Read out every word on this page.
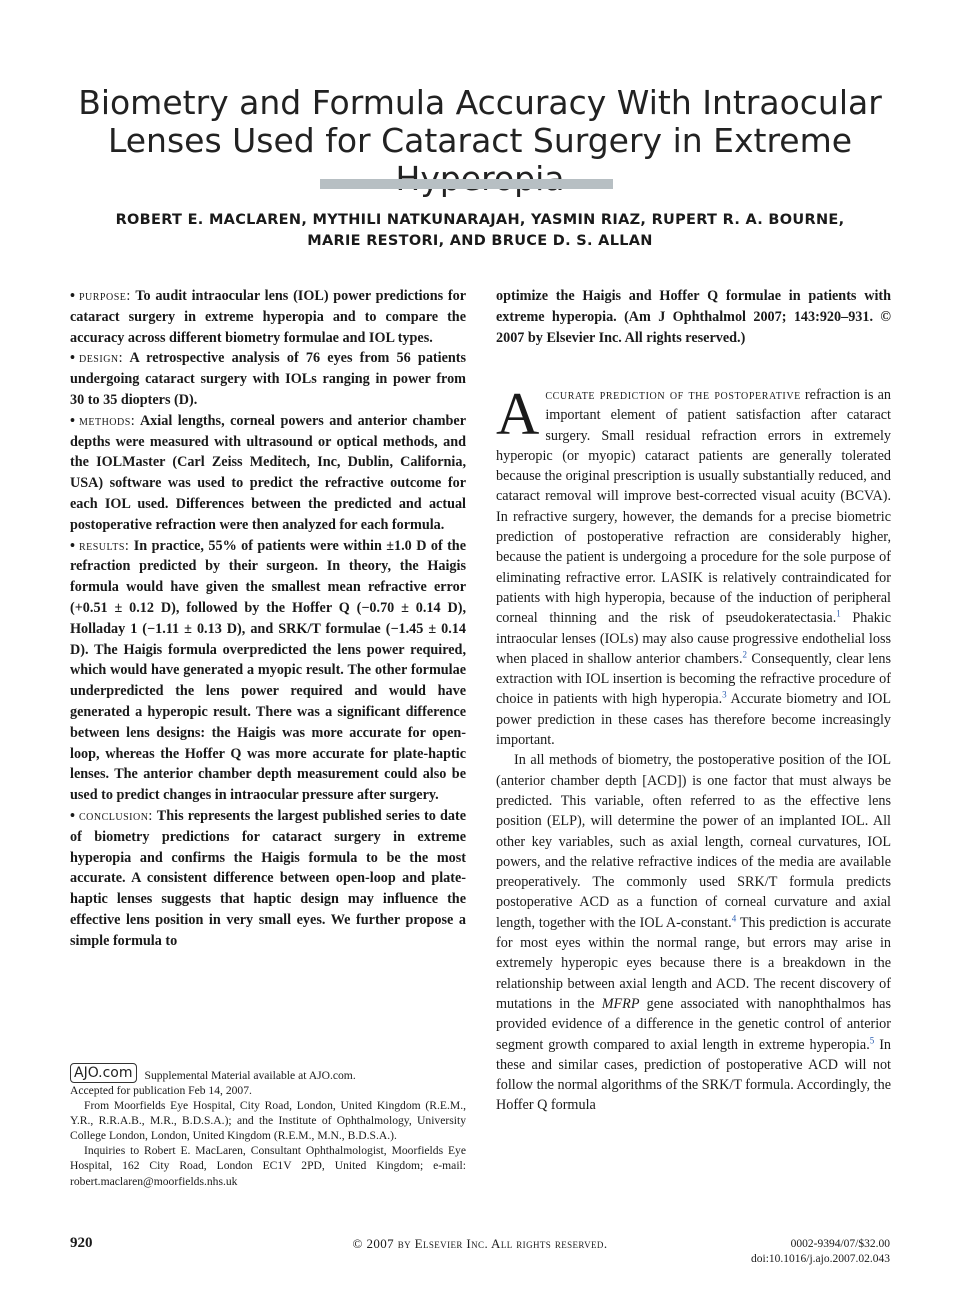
Biometry and Formula Accuracy With Intraocular
Lenses Used for Cataract Surgery in Extreme
ROBERT E. MACLAREN, MYTHILI NATKUNARAJAH, YASMIN RIAZ, RUPERT R. A. BOURNE,
MARIE RESTORI, AND BRUCE D. S. ALLAN

• purpose: To audit intraocular lens (IOL) power predictions for cataract surgery in extreme hyperopia and to compare the accuracy across different biometry formulae and IOL types.

• design: A retrospective analysis of 76 eyes from 56 patients undergoing cataract surgery with IOLs ranging in power from 30 to 35 diopters (D).

• methods: Axial lengths, corneal powers and anterior chamber depths were measured with ultrasound or optical methods, and the IOLMaster (Carl Zeiss Meditech, Inc, Dublin, California, USA) software was used to predict the refractive outcome for each IOL used. Differences between the predicted and actual postoperative refraction were then analyzed for each formula.

• results: In practice, 55% of patients were within ±1.0 D of the refraction predicted by their surgeon. In theory, the Haigis formula would have given the smallest mean refractive error (+0.51 ± 0.12 D), followed by the Hoffer Q (−0.70 ± 0.14 D), Holladay 1 (−1.11 ± 0.13 D), and SRK/T formulae (−1.45 ± 0.14 D). The Haigis formula overpredicted the lens power required, which would have generated a myopic result. The other formulae underpredicted the lens power required and would have generated a hyperopic result. There was a significant difference between lens designs: the Haigis was more accurate for open-loop, whereas the Hoffer Q was more accurate for plate-haptic lenses. The anterior chamber depth measurement could also be used to predict changes in intraocular pressure after surgery.

• conclusion: This represents the largest published series to date of biometry predictions for cataract surgery in extreme hyperopia and confirms the Haigis formula to be the most accurate. A consistent difference between open-loop and plate-haptic lenses suggests that haptic design may influence the effective lens position in very small eyes. We further propose a simple formula to

optimize the Haigis and Hoffer Q formulae in patients with extreme hyperopia. (Am J Ophthalmol 2007; 143:920–931. © 2007 by Elsevier Inc. All rights reserved.)

Accurate prediction of the postoperative refraction is an important element of patient satisfaction after cataract surgery. Small residual refraction errors in extremely hyperopic (or myopic) cataract patients are generally tolerated because the original prescription is usually substantially reduced, and cataract removal will improve best-corrected visual acuity (BCVA). In refractive surgery, however, the demands for a precise biometric prediction of postoperative refraction are considerably higher, because the patient is undergoing a procedure for the sole purpose of eliminating refractive error. LASIK is relatively contraindicated for patients with high hyperopia, because of the induction of peripheral corneal thinning and the risk of pseudokeratectasia.$^1$ Phakic intraocular lenses (IOLs) may also cause progressive endothelial loss when placed in shallow anterior chambers.$^2$ Consequently, clear lens extraction with IOL insertion is becoming the refractive procedure of choice in patients with high hyperopia.$^3$ Accurate biometry and IOL power prediction in these cases has therefore become increasingly important.

In all methods of biometry, the postoperative position of the IOL (anterior chamber depth [ACD]) is one factor that must always be predicted. This variable, often referred to as the effective lens position (ELP), will determine the power of an implanted IOL. All other key variables, such as axial length, corneal curvatures, IOL powers, and the relative refractive indices of the media are available preoperatively. The commonly used SRK/T formula predicts postoperative ACD as a function of corneal curvature and axial length, together with the IOL A-constant.$^4$ This prediction is accurate for most eyes within the normal range, but errors may arise in extremely hyperopic eyes because there is a breakdown in the relationship between axial length and ACD. The recent discovery of mutations in the MFRP gene associated with nanophthalmos has provided evidence of a difference in the genetic control of anterior segment growth compared to axial length in extreme hyperopia.$^5$ In these and similar cases, prediction of postoperative ACD will not follow the normal algorithms of the SRK/T formula. Accordingly, the Hoffer Q formula

AJO.com	Supplemental Material available at AJO.com.

Accepted for publication Feb 14, 2007.

From Moorfields Eye Hospital, City Road, London, United Kingdom (R.E.M., Y.R., R.R.A.B., M.R., B.D.S.A.); and the Institute of Ophthalmology, University College London, London, United Kingdom (R.E.M., M.N., B.D.S.A.).

Inquiries to Robert E. MacLaren, Consultant Ophthalmologist, Moorfields Eye Hospital, 162 City Road, London EC1V 2PD, United Kingdom; e-mail: robert.maclaren@moorfields.nhs.uk

920	© 2007 by Elsevier Inc. All rights reserved.	0002-9394/07/$32.00
doi:10.1016/j.ajo.2007.02.043
